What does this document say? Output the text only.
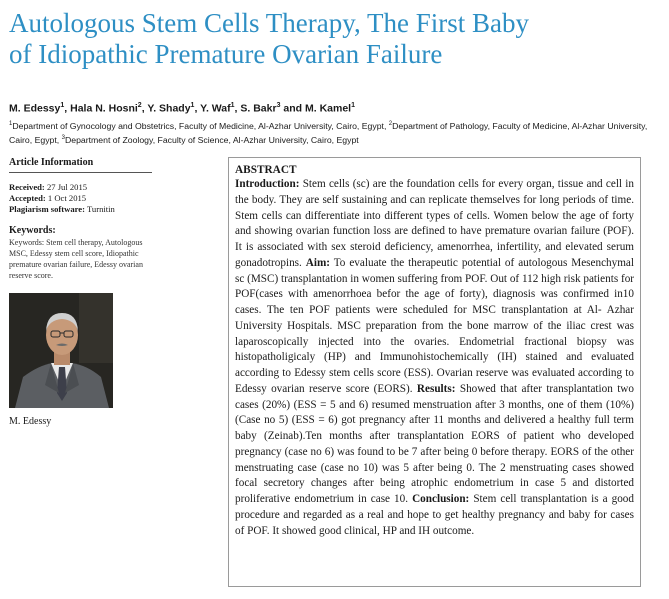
Autologous Stem Cells Therapy, The First Baby
of Idiopathic Premature Ovarian Failure
M. Edessy$^1$, Hala N. Hosni$^2$, Y. Shady$^1$, Y. Waf$^1$, S. Bakr$^3$ and M. Kamel$^1$
$^1$Department of Gynocology and Obstetrics, Faculty of Medicine, Al-Azhar University, Cairo, Egypt, $^2$Department of Pathology, Faculty of Medicine, Al-Azhar University, Cairo, Egypt, $^3$Department of Zoology, Faculty of Science, Al-Azhar University, Cairo, Egypt
Article Information
Received: 27 Jul 2015
Accepted: 1 Oct 2015
Plagiarism software: Turnitin
Keywords:
Keywords: Stem cell therapy, Autologous MSC, Edessy stem cell score, Idiopathic premature ovarian failure, Edessy ovarian reserve score.
M. Edessy
ABSTRACT
Introduction: Stem cells (sc) are the foundation cells for every organ, tissue and cell in the body. They are self sustaining and can replicate themselves for long periods of time. Stem cells can differentiate into different types of cells. Women below the age of forty and showing ovarian function loss are defined to have premature ovarian failure (POF). It is associated with sex steroid deficiency, amenorrhea, infertility, and elevated serum gonadotropins. Aim: To evaluate the therapeutic potential of autologous Mesenchymal sc (MSC) transplantation in women suffering from POF. Out of 112 high risk patients for POF(cases with amenorrhoea befor the age of forty), diagnosis was confirmed in10 cases. The ten POF patients were scheduled for MSC transplantation at Al- Azhar University Hospitals. MSC preparation from the bone marrow of the iliac crest was laparoscopically injected into the ovaries. Endometrial fractional biopsy was histopatholigicaly (HP) and Immunohistochemically (IH) stained and evaluated according to Edessy stem cells score (ESS). Ovarian reserve was evaluated according to Edessy ovarian reserve score (EORS). Results: Showed that after transplantation two cases (20%) (ESS = 5 and 6) resumed menstruation after 3 months, one of them (10%) (Case no 5) (ESS = 6) got pregnancy after 11 months and delivered a healthy full term baby (Zeinab).Ten months after transplantation EORS of patient who developed pregnancy (case no 6) was found to be 7 after being 0 before therapy. EORS of the other menstruating case (case no 10) was 5 after being 0. The 2 menstruating cases showed focal secretory changes after being atrophic endometrium in case 5 and distorted proliferative endometrium in case 10. Conclusion: Stem cell transplantation is a good procedure and regarded as a real and hope to get healthy pregnancy and baby for cases of POF. It showed good clinical, HP and IH outcome.
